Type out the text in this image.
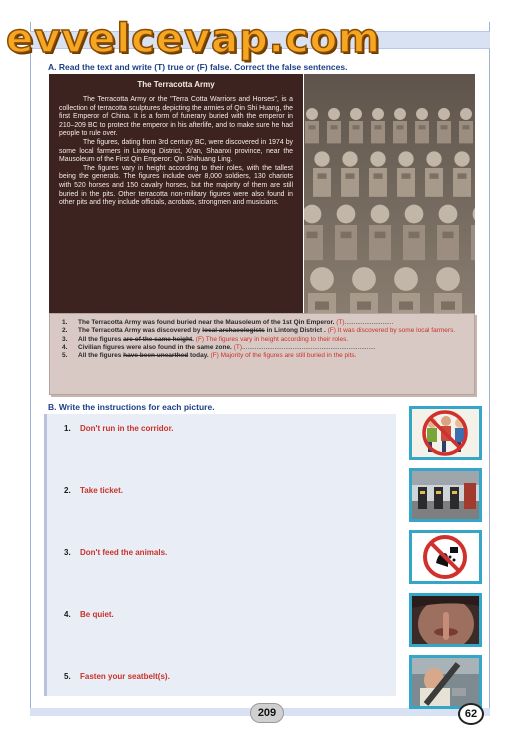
evvelcevap.com
A. Read the text and write (T) true or (F) false. Correct the false sentences.
The Terracotta Army

The Terracotta Army or the "Terra Cotta Warriors and Horses", is a collection of terracotta sculptures depicting the armies of Qin Shi Huang, the first Emperor of China. It is a form of funerary buried with the emperor in 210–209 BC to protect the emperor in his afterlife, and to make sure he had people to rule over.

The figures, dating from 3rd century BC, were discovered in 1974 by some local farmers in Lintong District, Xi'an, Shaanxi province, near the Mausoleum of the First Qin Emperor: Qin Shihuang Ling.

The figures vary in height according to their roles, with the tallest being the generals. The figures include over 8,000 soldiers, 130 chariots with 520 horses and 150 cavalry horses, but the majority of them are still buried in the pits. Other terracotta non-military figures were also found in other pits and they include officials, acrobats, strongmen and musicians.

1.	The Terracotta Army was found buried near the Mausoleum of the 1st Qin Emperor. (T)...........................
2.	The Terracotta Army was discovered by local archaeologists in Lintong District . (F) It was discovered by some local farmers.
3.	All the figures are of the same height. (F) The figures vary in height according to their roles.
4.	Civilian figures were also found in the same zone. (T)..........................................................................
5.	All the figures have been unearthed today. (F) Majority of the figures are still buried in the pits.
B. Write the instructions for each picture.
1. Don't run in the corridor.
2. Take ticket.
3. Don't feed the animals.
4. Be quiet.
5. Fasten your seatbelt(s).
209	62
